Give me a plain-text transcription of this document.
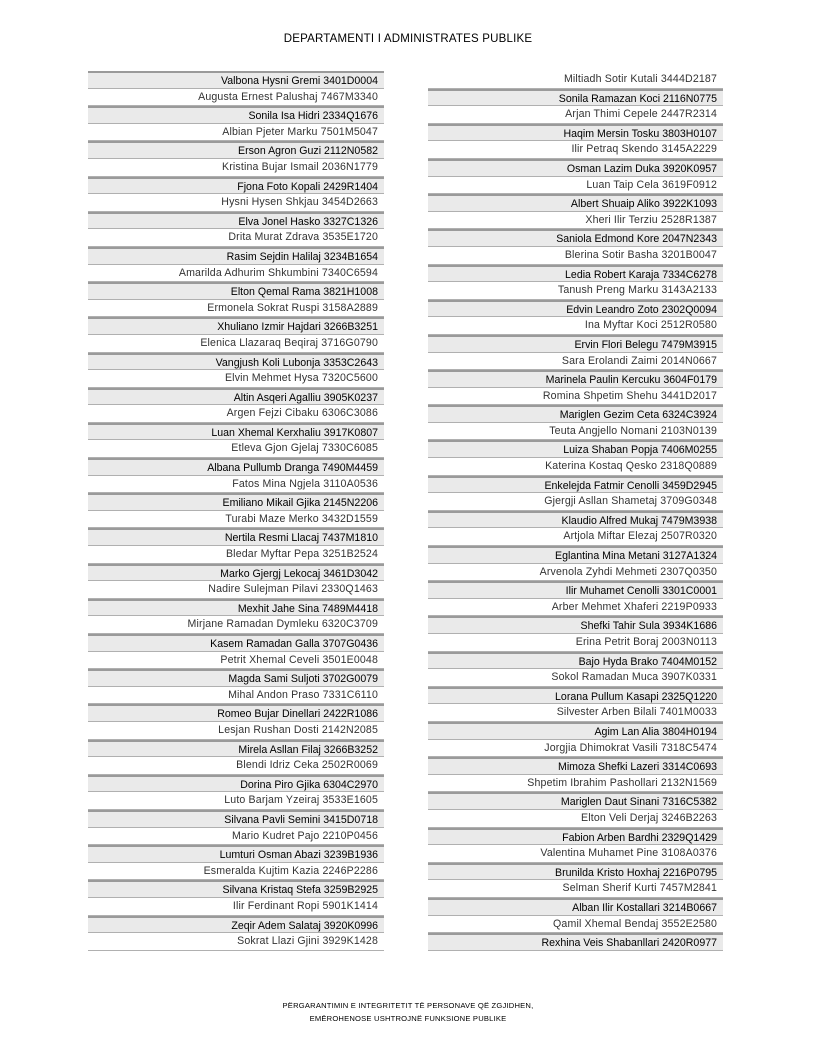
DEPARTAMENTI I ADMINISTRATES PUBLIKE
Valbona Hysni Gremi 3401D0004
Augusta Ernest Palushaj 7467M3340
Sonila Isa Hidri 2334Q1676
Albian Pjeter Marku 7501M5047
Erson Agron Guzi 2112N0582
Kristina Bujar Ismail 2036N1779
Fjona Foto Kopali 2429R1404
Hysni Hysen Shkjau 3454D2663
Elva Jonel Hasko 3327C1326
Drita Murat Zdrava 3535E1720
Rasim Sejdin Halilaj 3234B1654
Amarilda Adhurim Shkumbini 7340C6594
Elton Qemal Rama 3821H1008
Ermonela Sokrat Ruspi 3158A2889
Xhuliano Izmir Hajdari 3266B3251
Elenica Llazaraq Beqiraj 3716G0790
Vangjush Koli Lubonja 3353C2643
Elvin Mehmet Hysa 7320C5600
Altin Asqeri Agalliu 3905K0237
Argen Fejzi Cibaku 6306C3086
Luan Xhemal Kerxhaliu 3917K0807
Etleva Gjon Gjelaj 7330C6085
Albana Pullumb Dranga 7490M4459
Fatos Mina Ngjela 3110A0536
Emiliano Mikail Gjika 2145N2206
Turabi Maze Merko 3432D1559
Nertila Resmi Llacaj 7437M1810
Bledar Myftar Pepa 3251B2524
Marko Gjergj Lekocaj 3461D3042
Nadire Sulejman Pilavi 2330Q1463
Mexhit Jahe Sina 7489M4418
Mirjane Ramadan Dymleku 6320C3709
Kasem Ramadan Galla 3707G0436
Petrit Xhemal Ceveli 3501E0048
Magda Sami Suljoti 3702G0079
Mihal Andon Praso 7331C6110
Romeo Bujar Dinellari 2422R1086
Lesjan Rushan Dosti 2142N2085
Mirela Asllan Filaj 3266B3252
Blendi Idriz Ceka 2502R0069
Dorina Piro Gjika 6304C2970
Luto Barjam Yzeiraj 3533E1605
Silvana Pavli Semini 3415D0718
Mario Kudret Pajo 2210P0456
Lumturi Osman Abazi 3239B1936
Esmeralda Kujtim Kazia 2246P2286
Silvana Kristaq Stefa 3259B2925
Ilir Ferdinant Ropi 5901K1414
Zeqir Adem Salataj 3920K0996
Sokrat Llazi Gjini 3929K1428
Miltiadh Sotir Kutali 3444D2187
Sonila Ramazan Koci 2116N0775
Arjan Thimi Cepele 2447R2314
Haqim Mersin Tosku 3803H0107
Ilir Petraq Skendo 3145A2229
Osman Lazim Duka 3920K0957
Luan Taip Cela 3619F0912
Albert Shuaip Aliko 3922K1093
Xheri Ilir Terziu 2528R1387
Saniola Edmond Kore 2047N2343
Blerina Sotir Basha 3201B0047
Ledia Robert Karaja 7334C6278
Tanush Preng Marku 3143A2133
Edvin Leandro Zoto 2302Q0094
Ina Myftar Koci 2512R0580
Ervin Flori Belegu 7479M3915
Sara Erolandi Zaimi 2014N0667
Marinela Paulin Kercuku 3604F0179
Romina Shpetim Shehu 3441D2017
Mariglen Gezim Ceta 6324C3924
Teuta Angjello Nomani 2103N0139
Luiza Shaban Popja 7406M0255
Katerina Kostaq Qesko 2318Q0889
Enkelejda Fatmir Cenolli 3459D2945
Gjergji Asllan Shametaj 3709G0348
Klaudio Alfred Mukaj 7479M3938
Artjola Miftar Elezaj 2507R0320
Eglantina Mina Metani 3127A1324
Arvenola Zyhdi Mehmeti 2307Q0350
Ilir Muhamet Cenolli 3301C0001
Arber Mehmet Xhaferi 2219P0933
Shefki Tahir Sula 3934K1686
Erina Petrit Boraj 2003N0113
Bajo Hyda Brako 7404M0152
Sokol Ramadan Muca 3907K0331
Lorana Pullum Kasapi 2325Q1220
Silvester Arben Bilali 7401M0033
Agim Lan Alia 3804H0194
Jorgjia Dhimokrat Vasili 7318C5474
Mimoza Shefki Lazeri 3314C0693
Shpetim Ibrahim Pashollari 2132N1569
Mariglen Daut Sinani 7316C5382
Elton Veli Derjaj 3246B2263
Fabion Arben Bardhi 2329Q1429
Valentina Muhamet Pine 3108A0376
Brunilda Kristo Hoxhaj 2216P0795
Selman Sherif Kurti 7457M2841
Alban Ilir Kostallari 3214B0667
Qamil Xhemal Bendaj 3552E2580
Rexhina Veis Shabanllari 2420R0977
PËRGARANTIMIN E INTEGRITETIT TË PERSONAVE QË ZGJIDHEN,
EMËROHENOSE USHTROJNË FUNKSIONE PUBLIKE
